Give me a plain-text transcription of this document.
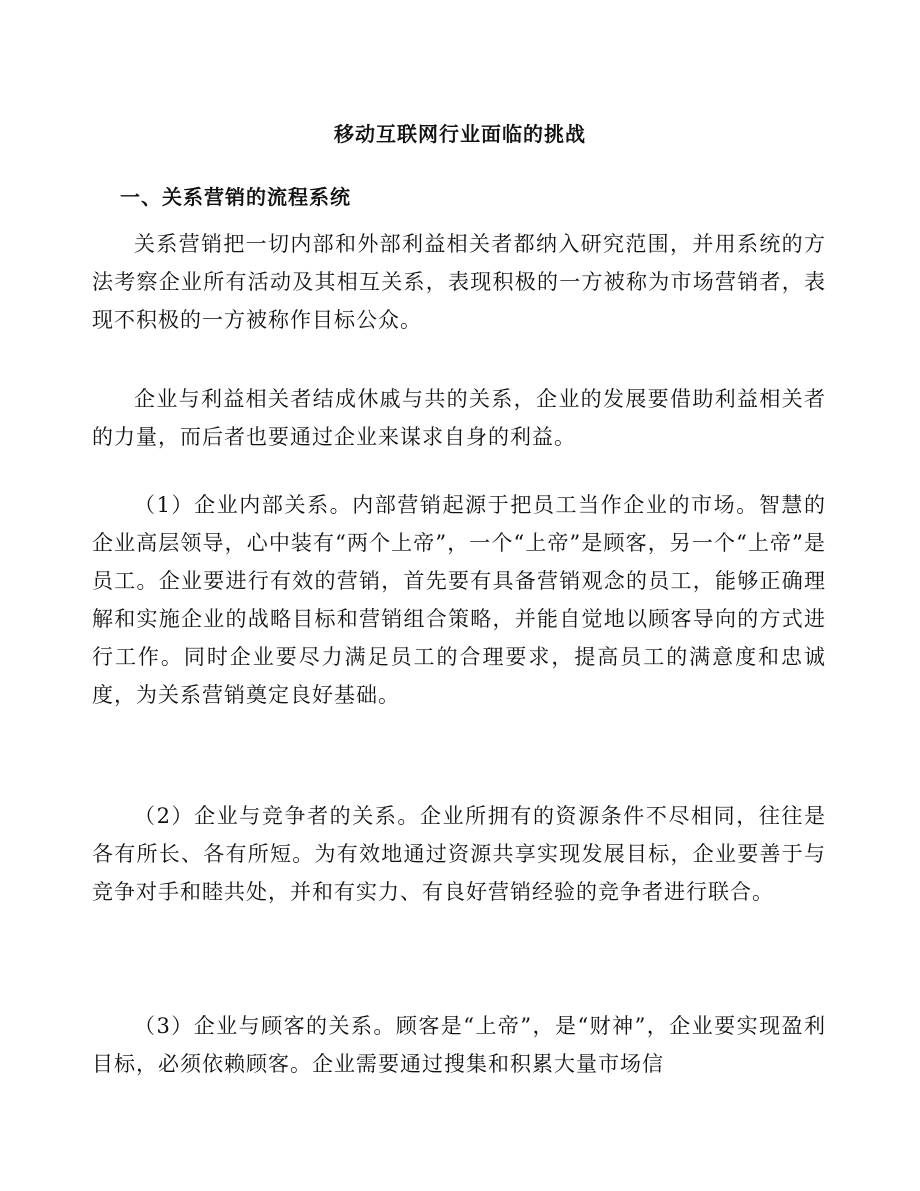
移动互联网行业面临的挑战
一、关系营销的流程系统

关系营销把一切内部和外部利益相关者都纳入研究范围，并用系统的方法考察企业所有活动及其相互关系，表现积极的一方被称为市场营销者，表现不积极的一方被称作目标公众。

企业与利益相关者结成休戚与共的关系，企业的发展要借助利益相关者的力量，而后者也要通过企业来谋求自身的利益。

（1）企业内部关系。内部营销起源于把员工当作企业的市场。智慧的企业高层领导，心中装有“两个上帝”，一个“上帝”是顾客，另一个“上帝”是员工。企业要进行有效的营销，首先要有具备营销观念的员工，能够正确理解和实施企业的战略目标和营销组合策略，并能自觉地以顾客导向的方式进行工作。同时企业要尽力满足员工的合理要求，提高员工的满意度和忠诚度，为关系营销奠定良好基础。

（2）企业与竞争者的关系。企业所拥有的资源条件不尽相同，往往是各有所长、各有所短。为有效地通过资源共享实现发展目标，企业要善于与竞争对手和睦共处，并和有实力、有良好营销经验的竞争者进行联合。

（3）企业与顾客的关系。顾客是“上帝”，是“财神”，企业要实现盈利目标，必须依赖顾客。企业需要通过搜集和积累大量市场信
